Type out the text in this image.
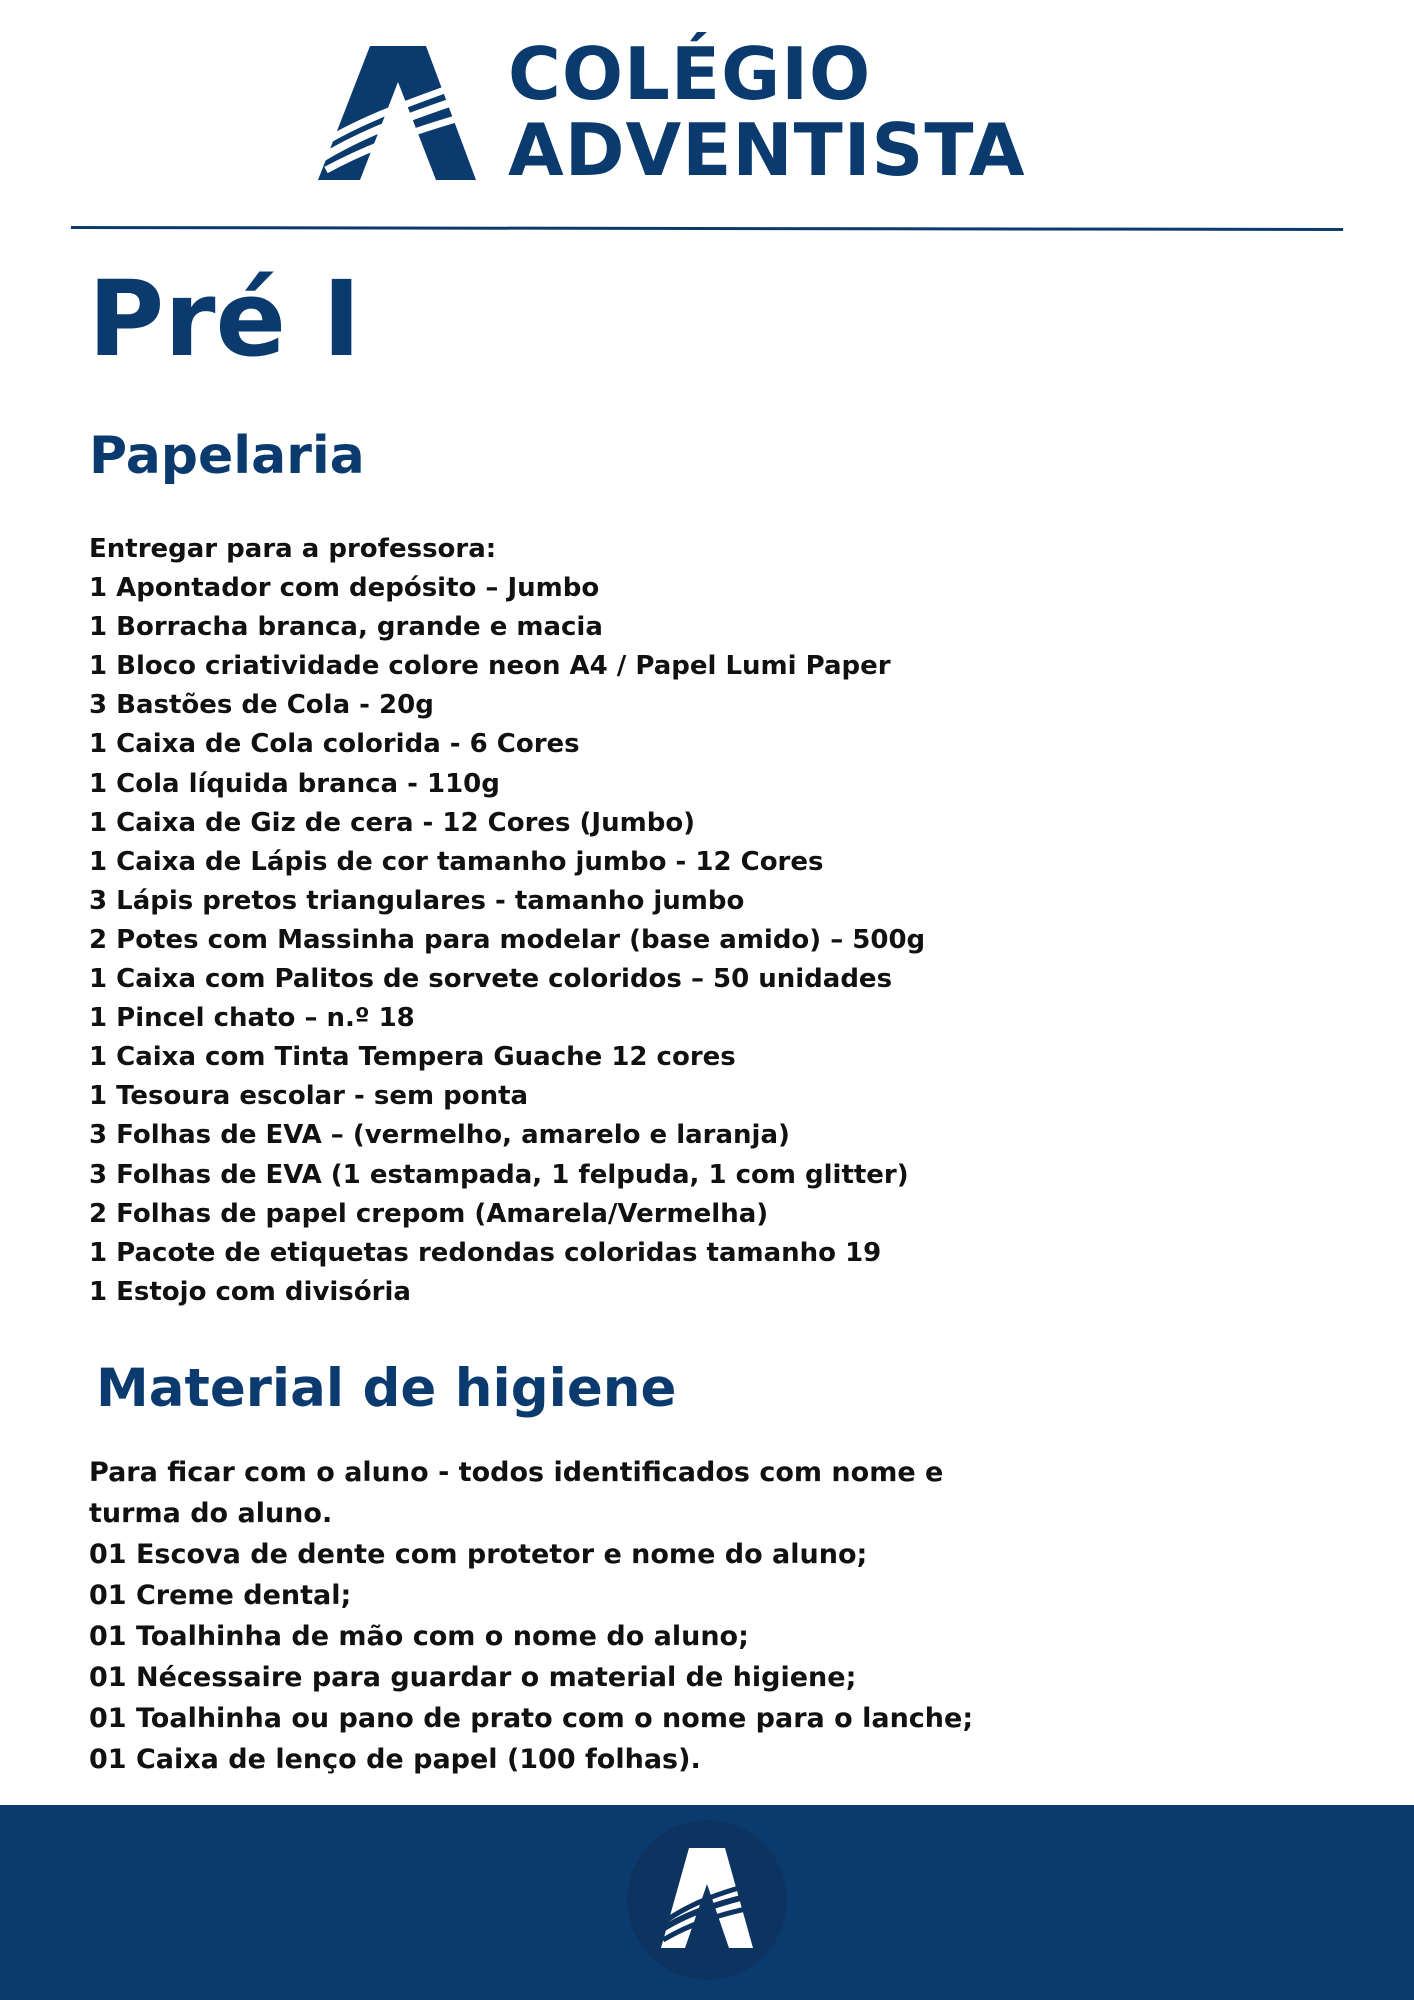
COLÉGIO
ADVENTISTA
Pré I
Papelaria
Entregar para a professora:
1 Apontador com depósito – Jumbo
1 Borracha branca, grande e macia
1 Bloco criatividade colore neon A4 / Papel Lumi Paper
3 Bastões de Cola - 20g
1 Caixa de Cola colorida - 6 Cores
1 Cola líquida branca - 110g
1 Caixa de Giz de cera - 12 Cores (Jumbo)
1 Caixa de Lápis de cor tamanho jumbo - 12 Cores
3 Lápis pretos triangulares - tamanho jumbo
2 Potes com Massinha para modelar (base amido) – 500g
1 Caixa com Palitos de sorvete coloridos – 50 unidades
1 Pincel chato – n.º 18
1 Caixa com Tinta Tempera Guache 12 cores
1 Tesoura escolar - sem ponta
3 Folhas de EVA – (vermelho, amarelo e laranja)
3 Folhas de EVA (1 estampada, 1 felpuda, 1 com glitter)
2 Folhas de papel crepom (Amarela/Vermelha)
1 Pacote de etiquetas redondas coloridas tamanho 19
1 Estojo com divisória
Material de higiene
Para ficar com o aluno - todos identificados com nome e
turma do aluno.
01 Escova de dente com protetor e nome do aluno;
01 Creme dental;
01 Toalhinha de mão com o nome do aluno;
01 Nécessaire para guardar o material de higiene;
01 Toalhinha ou pano de prato com o nome para o lanche;
01 Caixa de lenço de papel (100 folhas).
